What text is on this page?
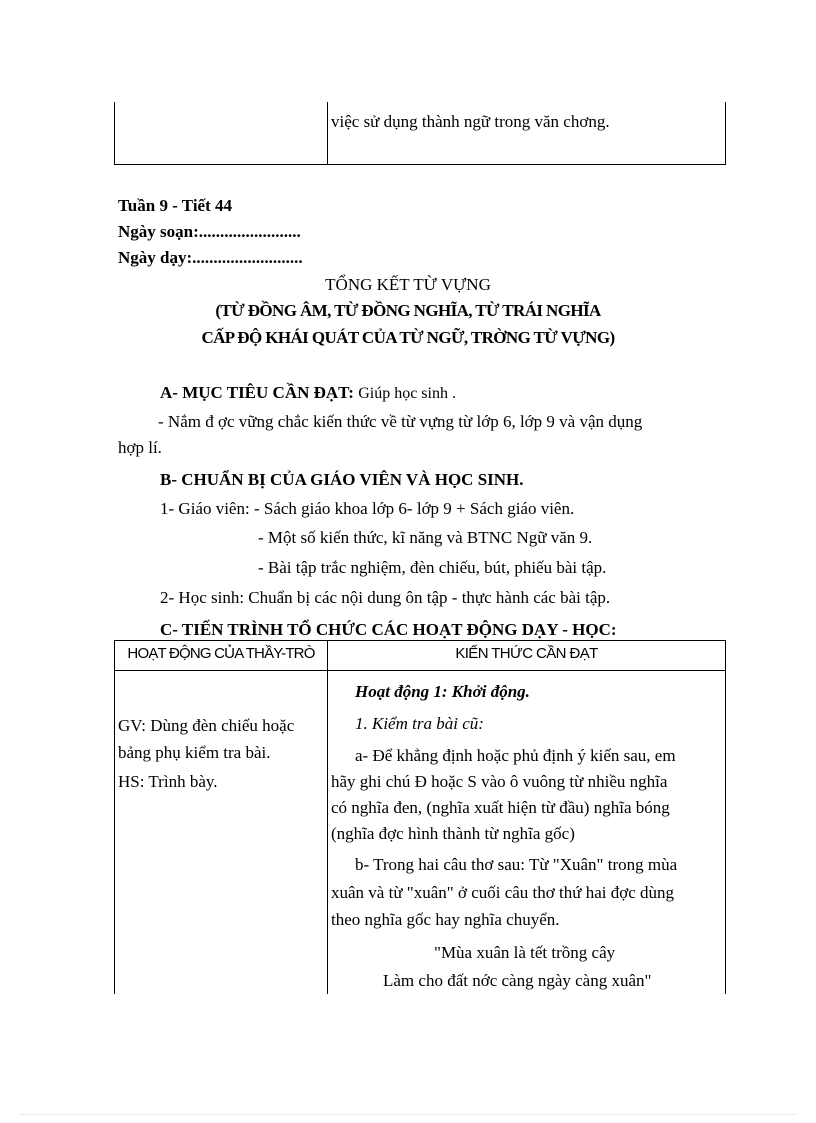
việc sử dụng thành ngữ trong văn chơng.
Tuần 9 - Tiết 44
Ngày soạn:........................
Ngày dạy:..........................
TỔNG KẾT TỪ VỰNG
(TỪ ĐỒNG ÂM, TỪ ĐỒNG NGHĨA, TỪ TRÁI NGHĨA
CẤP ĐỘ KHÁI QUÁT CỦA TỪ NGỮ, TRỜNG TỪ VỰNG)
A- MỤC TIÊU CẦN ĐẠT: Giúp học sinh .
- Nắm đ ợc vững chắc kiến thức về từ vựng từ lớp 6, lớp 9 và vận dụng
hợp lí.
B- CHUẨN BỊ CỦA GIÁO VIÊN VÀ HỌC SINH.
1- Giáo viên: - Sách giáo khoa lớp 6- lớp 9 + Sách giáo viên.
- Một số kiến thức, kĩ năng và BTNC Ngữ văn 9.
- Bài tập trắc nghiệm, đèn chiếu, bút, phiếu bài tập.
2- Học sinh: Chuẩn bị các nội dung ôn tập - thực hành các bài tập.
C- TIẾN TRÌNH TỔ CHỨC CÁC HOẠT ĐỘNG DẠY - HỌC:
HOẠT ĐỘNG CỦA THẦY-TRÒ	KIẾN THỨC CẦN ĐẠT
GV: Dùng đèn chiếu hoặc
bảng phụ kiểm tra bài.
HS: Trình bày.
Hoạt động 1: Khởi động.
1. Kiểm tra bài cũ:
a- Để khẳng định hoặc phủ định ý kiến sau, em
hãy ghi chú Đ hoặc S vào ô vuông từ nhiều nghĩa
có nghĩa đen, (nghĩa xuất hiện từ đầu) nghĩa bóng
(nghĩa đợc hình thành từ nghĩa gốc)
b- Trong hai câu thơ sau: Từ "Xuân" trong mùa
xuân và từ "xuân" ở cuối câu thơ thứ hai đợc dùng
theo nghĩa gốc hay nghĩa chuyển.
"Mùa xuân là tết trồng cây
Làm cho đất nớc càng ngày càng xuân"
